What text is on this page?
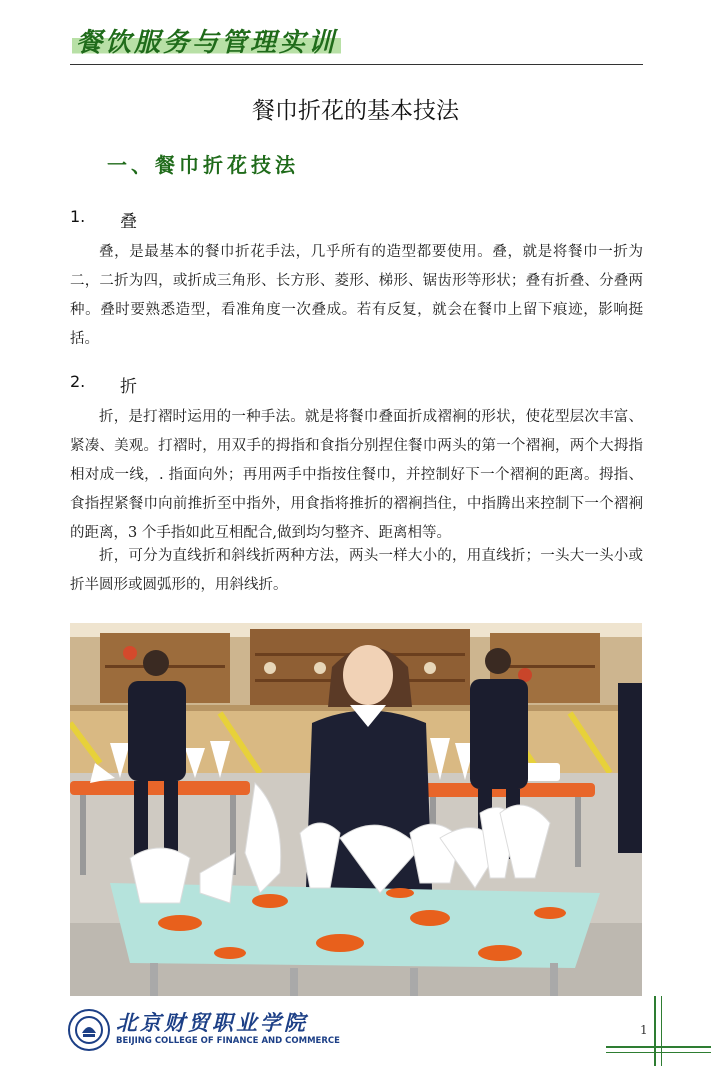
餐饮服务与管理实训
餐巾折花的基本技法
一、餐巾折花技法
1.	叠

叠，是最基本的餐巾折花手法，几乎所有的造型都要使用。叠，就是将餐巾一折为二，二折为四，或折成三角形、长方形、菱形、梯形、锯齿形等形状；叠有折叠、分叠两种。叠时要熟悉造型，看准角度一次叠成。若有反复，就会在餐巾上留下痕迹，影响挺括。

2.	折

折，是打褶时运用的一种手法。就是将餐巾叠面折成褶裥的形状，使花型层次丰富、紧凑、美观。打褶时，用双手的拇指和食指分别捏住餐巾两头的第一个褶裥，两个大拇指相对成一线，. 指面向外；再用两手中指按住餐巾，并控制好下一个褶裥的距离。拇指、食指捏紧餐巾向前推折至中指外，用食指将推折的褶裥挡住，中指腾出来控制下一个褶裥的距离，3 个手指如此互相配合,做到均匀整齐、距离相等。

折，可分为直线折和斜线折两种方法，两头一样大小的，用直线折；一头大一头小或折半圆形或圆弧形的，用斜线折。

北京财贸职业学院
BEIJING COLLEGE OF FINANCE AND COMMERCE
1
